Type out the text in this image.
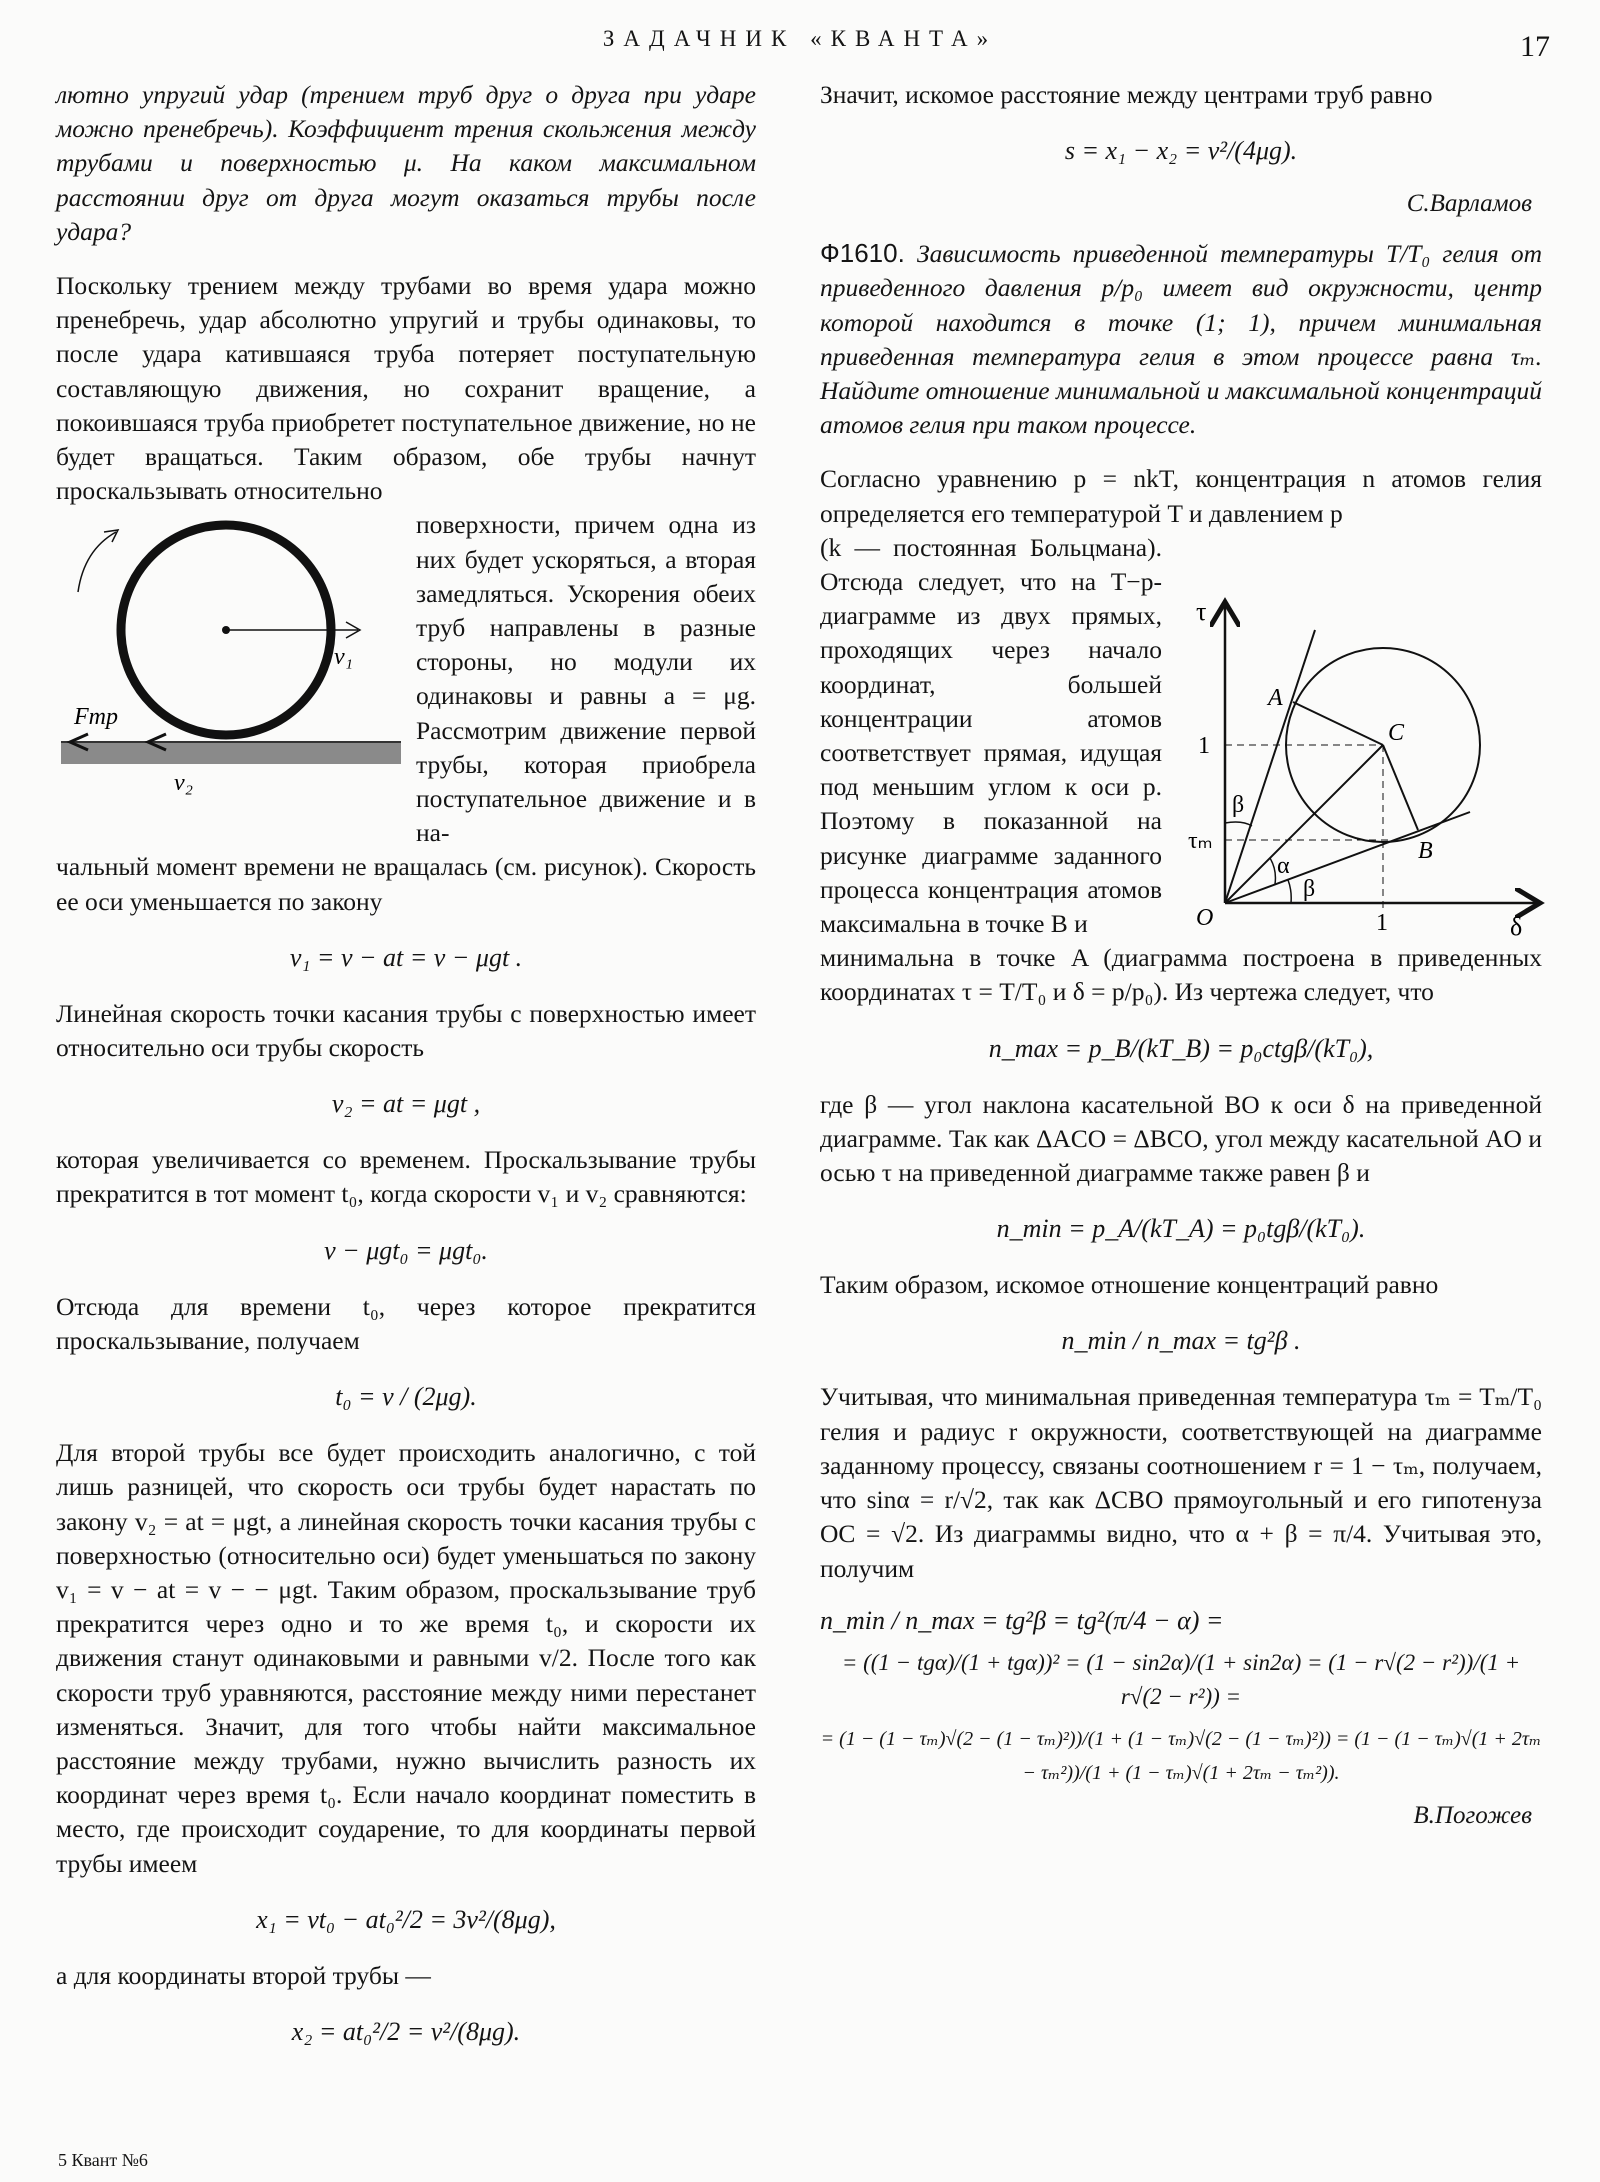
ЗАДАЧНИК «КВАНТА»	17

лютно упругий удар (трением труб друг о друга при ударе можно пренебречь). Коэффициент трения скольжения между трубами и поверхностью μ. На каком максимальном расстоянии друг от друга могут оказаться трубы после удара?

Поскольку трением между трубами во время удара можно пренебречь, удар абсолютно упругий и трубы одинаковы, то после удара катившаяся труба потеряет поступательную составляющую движения, но сохранит вращение, а покоившаяся труба приобретет поступательное движение, но не будет вращаться. Таким образом, обе трубы начнут проскальзывать относительно

поверхности, причем одна из них будет ускоряться, а вторая замедляться. Ускорения обеих труб направлены в разные стороны, но модули их одинаковы и равны a = μg. Рассмотрим движение первой трубы, которая приобрела поступательное движение и в на-

чальный момент времени не вращалась (см. рисунок). Скорость ее оси уменьшается по закону

v₁ = v − at = v − μgt .

Линейная скорость точки касания трубы с поверхностью имеет относительно оси трубы скорость

v₂ = at = μgt ,

которая увеличивается со временем. Проскальзывание трубы прекратится в тот момент t₀, когда скорости v₁ и v₂ сравняются:

v − μgt₀ = μgt₀.

Отсюда для времени t₀, через которое прекратится проскальзывание, получаем

t₀ = v / (2μg).

Для второй трубы все будет происходить аналогично, с той лишь разницей, что скорость оси трубы будет нарастать по закону v₂ = at = μgt, а линейная скорость точки касания трубы с поверхностью (относительно оси) будет уменьшаться по закону v₁ = v − at = v − − μgt. Таким образом, проскальзывание труб прекратится через одно и то же время t₀, и скорости их движения станут одинаковыми и равными v/2. После того как скорости труб уравняются, расстояние между ними перестанет изменяться. Значит, для того чтобы найти максимальное расстояние между трубами, нужно вычислить разность их координат через время t₀. Если начало координат поместить в место, где происходит соударение, то для координаты первой трубы имеем

x₁ = vt₀ − at₀²/2 = 3v²/(8μg),

а для координаты второй трубы —

x₂ = at₀²/2 = v²/(8μg).
v₁
v₂
Fтр

Значит, искомое расстояние между центрами труб равно

s = x₁ − x₂ = v²/(4μg).
С.Варламов

Ф1610. Зависимость приведенной температуры T/T₀ гелия от приведенного давления p/p₀ имеет вид окружности, центр которой находится в точке (1; 1), причем минимальная приведенная температура гелия в этом процессе равна τₘ. Найдите отношение минимальной и максимальной концентраций атомов гелия при таком процессе.

Согласно уравнению p = nkT, концентрация n атомов гелия определяется его температурой T и давлением p

(k — постоянная Больцмана). Отсюда следует, что на T−p-диаграмме из двух прямых, проходящих через начало координат, большей концентрации атомов соответствует прямая, идущая под меньшим углом к оси p. Поэтому в показанной на рисунке диаграмме заданного процесса концентрация атомов максимальна в точке B и

минимальна в точке A (диаграмма построена в приведенных координатах τ = T/T₀ и δ = p/p₀). Из чертежа следует, что

n_max = p_B/(kT_B) = p₀ctgβ/(kT₀),

где β — угол наклона касательной BO к оси δ на приведенной диаграмме. Так как ΔACO = ΔBCO, угол между касательной AO и осью τ на приведенной диаграмме также равен β и

n_min = p_A/(kT_A) = p₀tgβ/(kT₀).

Таким образом, искомое отношение концентраций равно

n_min / n_max = tg²β .

Учитывая, что минимальная приведенная температура τₘ = Tₘ/T₀ гелия и радиус r окружности, соответствующей на диаграмме заданному процессу, связаны соотношением r = 1 − τₘ, получаем, что sinα = r/√2, так как ΔCBO прямоугольный и его гипотенуза OC = √2. Из диаграммы видно, что α + β = π/4. Учитывая это, получим

n_min / n_max = tg²β = tg²(π/4 − α) =
= ((1 − tgα)/(1 + tgα))² = (1 − sin2α)/(1 + sin2α) = (1 − r√(2 − r²))/(1 + r√(2 − r²)) =
= (1 − (1 − τₘ)√(2 − (1 − τₘ)²))/(1 + (1 − τₘ)√(2 − (1 − τₘ)²)) = (1 − (1 − τₘ)√(1 + 2τₘ − τₘ²))/(1 + (1 − τₘ)√(1 + 2τₘ − τₘ²)).
В.Погожев
τ
δ
O
1
τₘ
1
A
B
C
β
α
β
5 Квант №6
